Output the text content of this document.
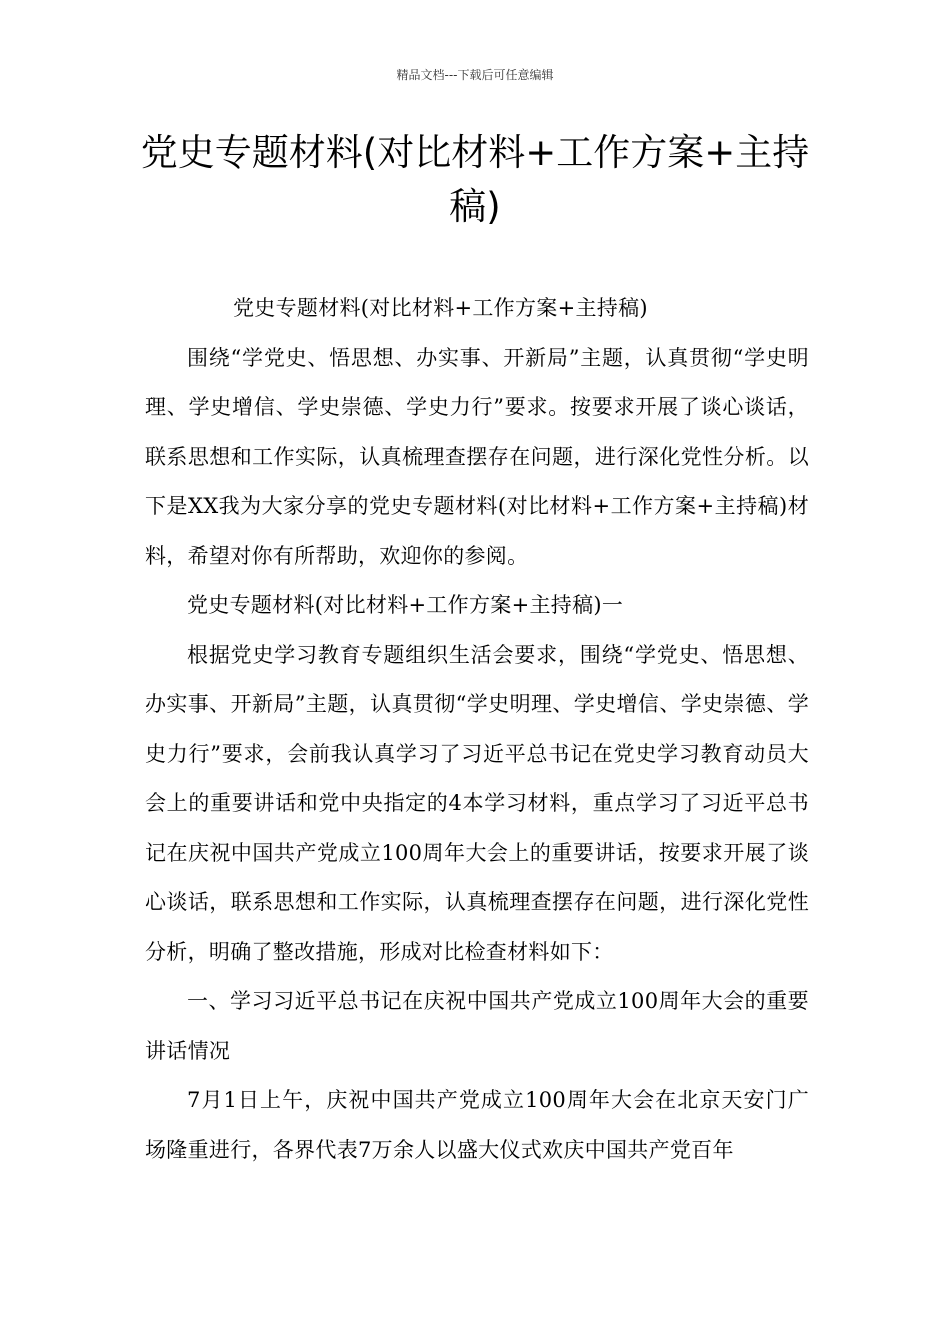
精品文档---下载后可任意编辑
党史专题材料(对比材料+工作方案+主持稿)

党史专题材料(对比材料+工作方案+主持稿)

围绕“学党史、悟思想、办实事、开新局”主题，认真贯彻“学史明理、学史增信、学史崇德、学史力行”要求。按要求开展了谈心谈话，联系思想和工作实际，认真梳理查摆存在问题，进行深化党性分析。以下是XX我为大家分享的党史专题材料(对比材料+工作方案+主持稿)材料，希望对你有所帮助，欢迎你的参阅。

党史专题材料(对比材料+工作方案+主持稿)一

根据党史学习教育专题组织生活会要求，围绕“学党史、悟思想、办实事、开新局”主题，认真贯彻“学史明理、学史增信、学史崇德、学史力行”要求，会前我认真学习了习近平总书记在党史学习教育动员大会上的重要讲话和党中央指定的4本学习材料，重点学习了习近平总书记在庆祝中国共产党成立100周年大会上的重要讲话，按要求开展了谈心谈话，联系思想和工作实际，认真梳理查摆存在问题，进行深化党性分析，明确了整改措施，形成对比检查材料如下：

一、学习习近平总书记在庆祝中国共产党成立100周年大会的重要讲话情况

7月1日上午，庆祝中国共产党成立100周年大会在北京天安门广场隆重进行，各界代表7万余人以盛大仪式欢庆中国共产党百年
